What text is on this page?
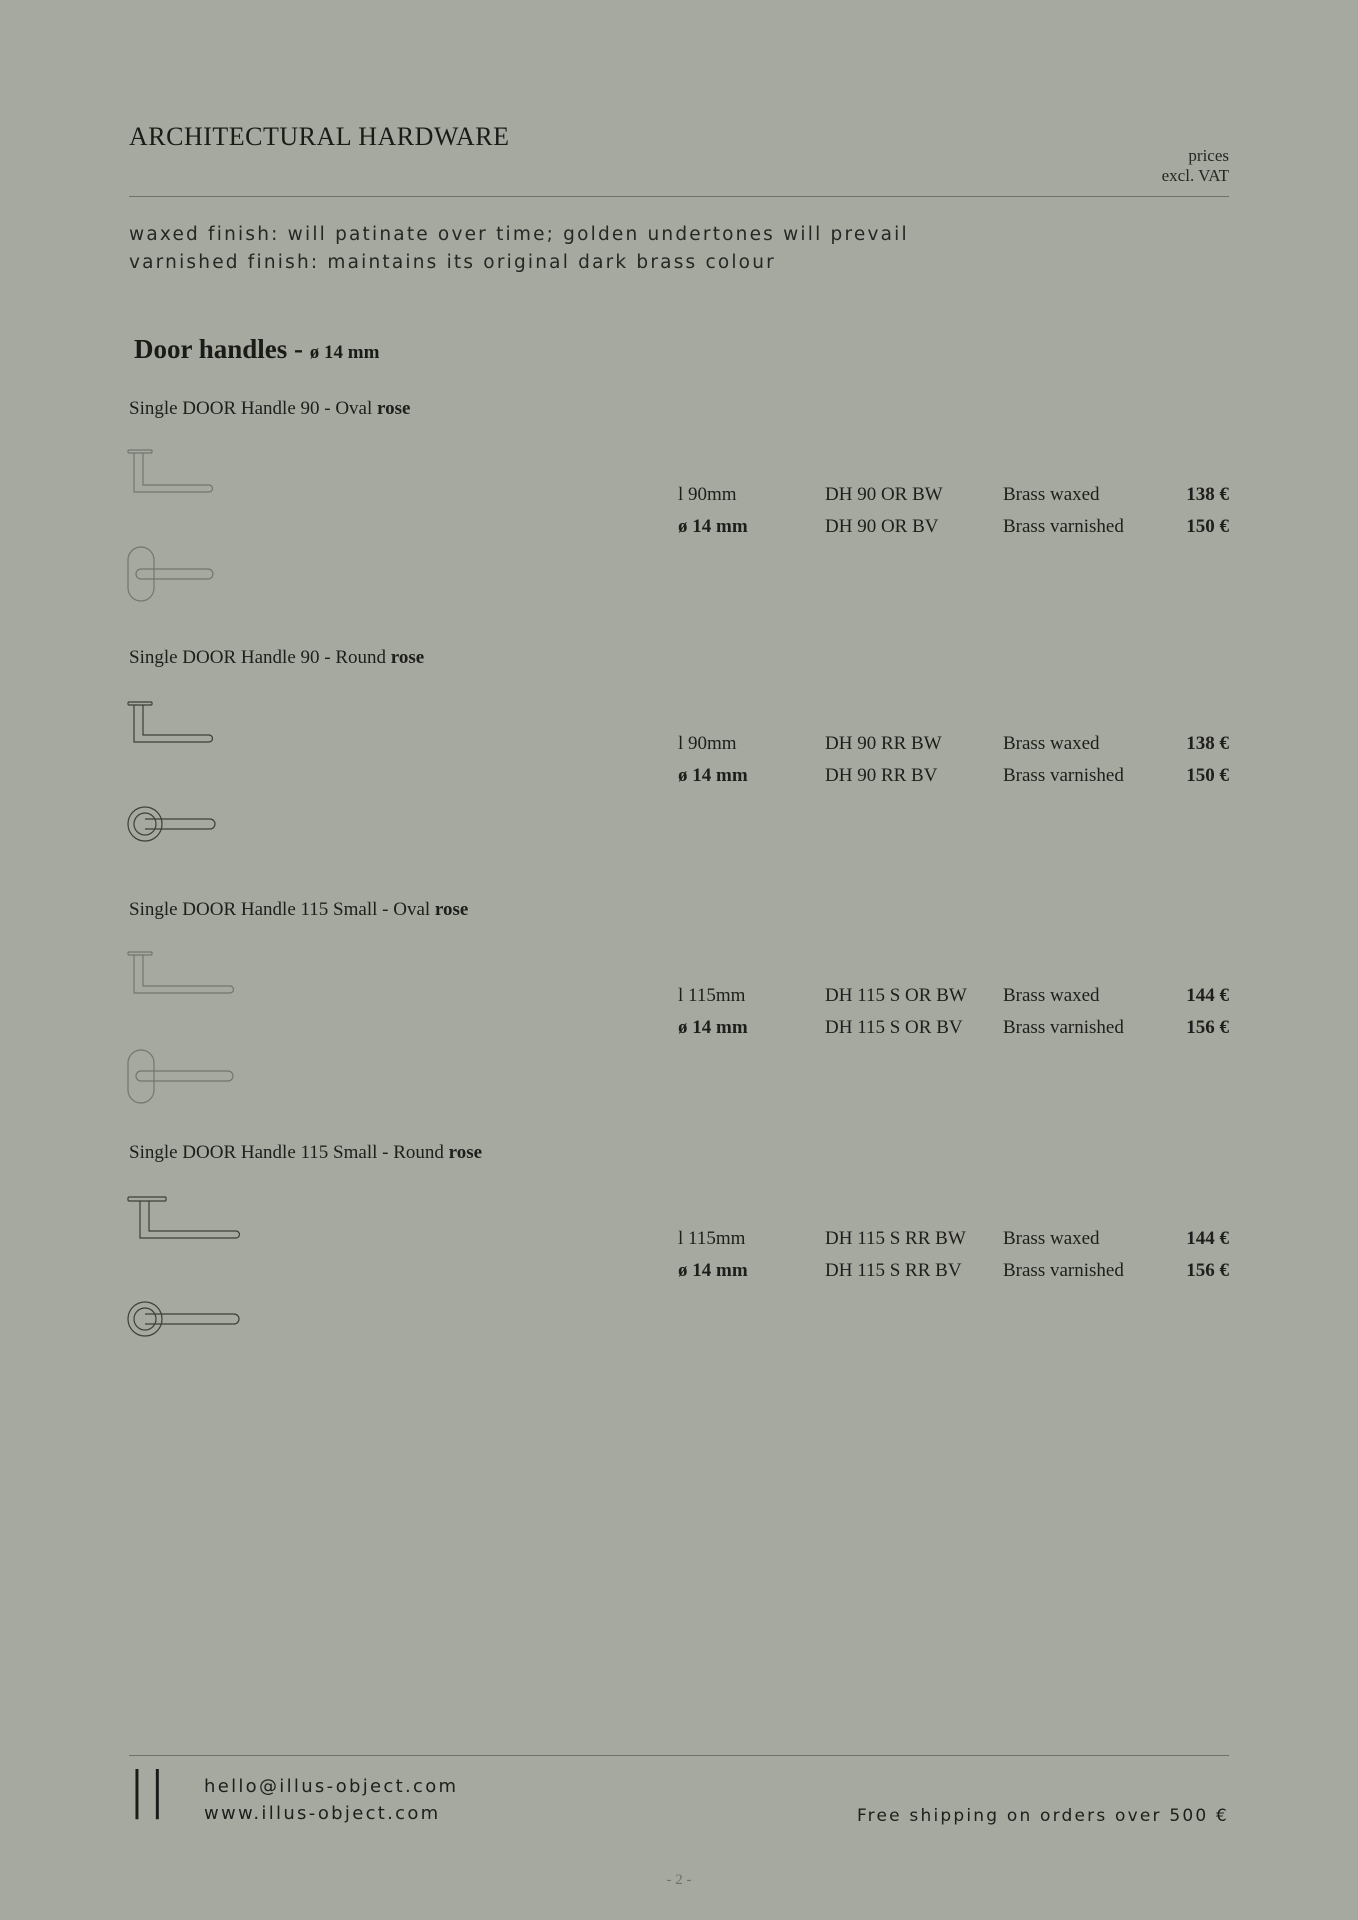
ARCHITECTURAL HARDWARE
prices
excl. VAT
waxed finish: will patinate over time; golden undertones will prevail
varnished finish: maintains its original dark brass colour
Door handles - ø 14 mm
Single DOOR Handle 90 - Oval rose
l 90mm
ø 14 mm
DH 90 OR BW
DH 90 OR BV
Brass waxed
Brass varnished
138 €
150 €
Single DOOR Handle 90 - Round rose
l 90mm
ø 14 mm
DH 90 RR BW
DH 90 RR BV
Brass waxed
Brass varnished
138 €
150 €
Single DOOR Handle 115 Small - Oval rose
l 115mm
ø 14 mm
DH 115 S OR BW
DH 115 S OR BV
Brass waxed
Brass varnished
144 €
156 €
Single DOOR Handle 115 Small - Round rose
l 115mm
ø 14 mm
DH 115 S RR BW
DH 115 S RR BV
Brass waxed
Brass varnished
144 €
156 €
ll hello@illus-object.com
www.illus-object.com	Free shipping on orders over 500 €
- 2 -
